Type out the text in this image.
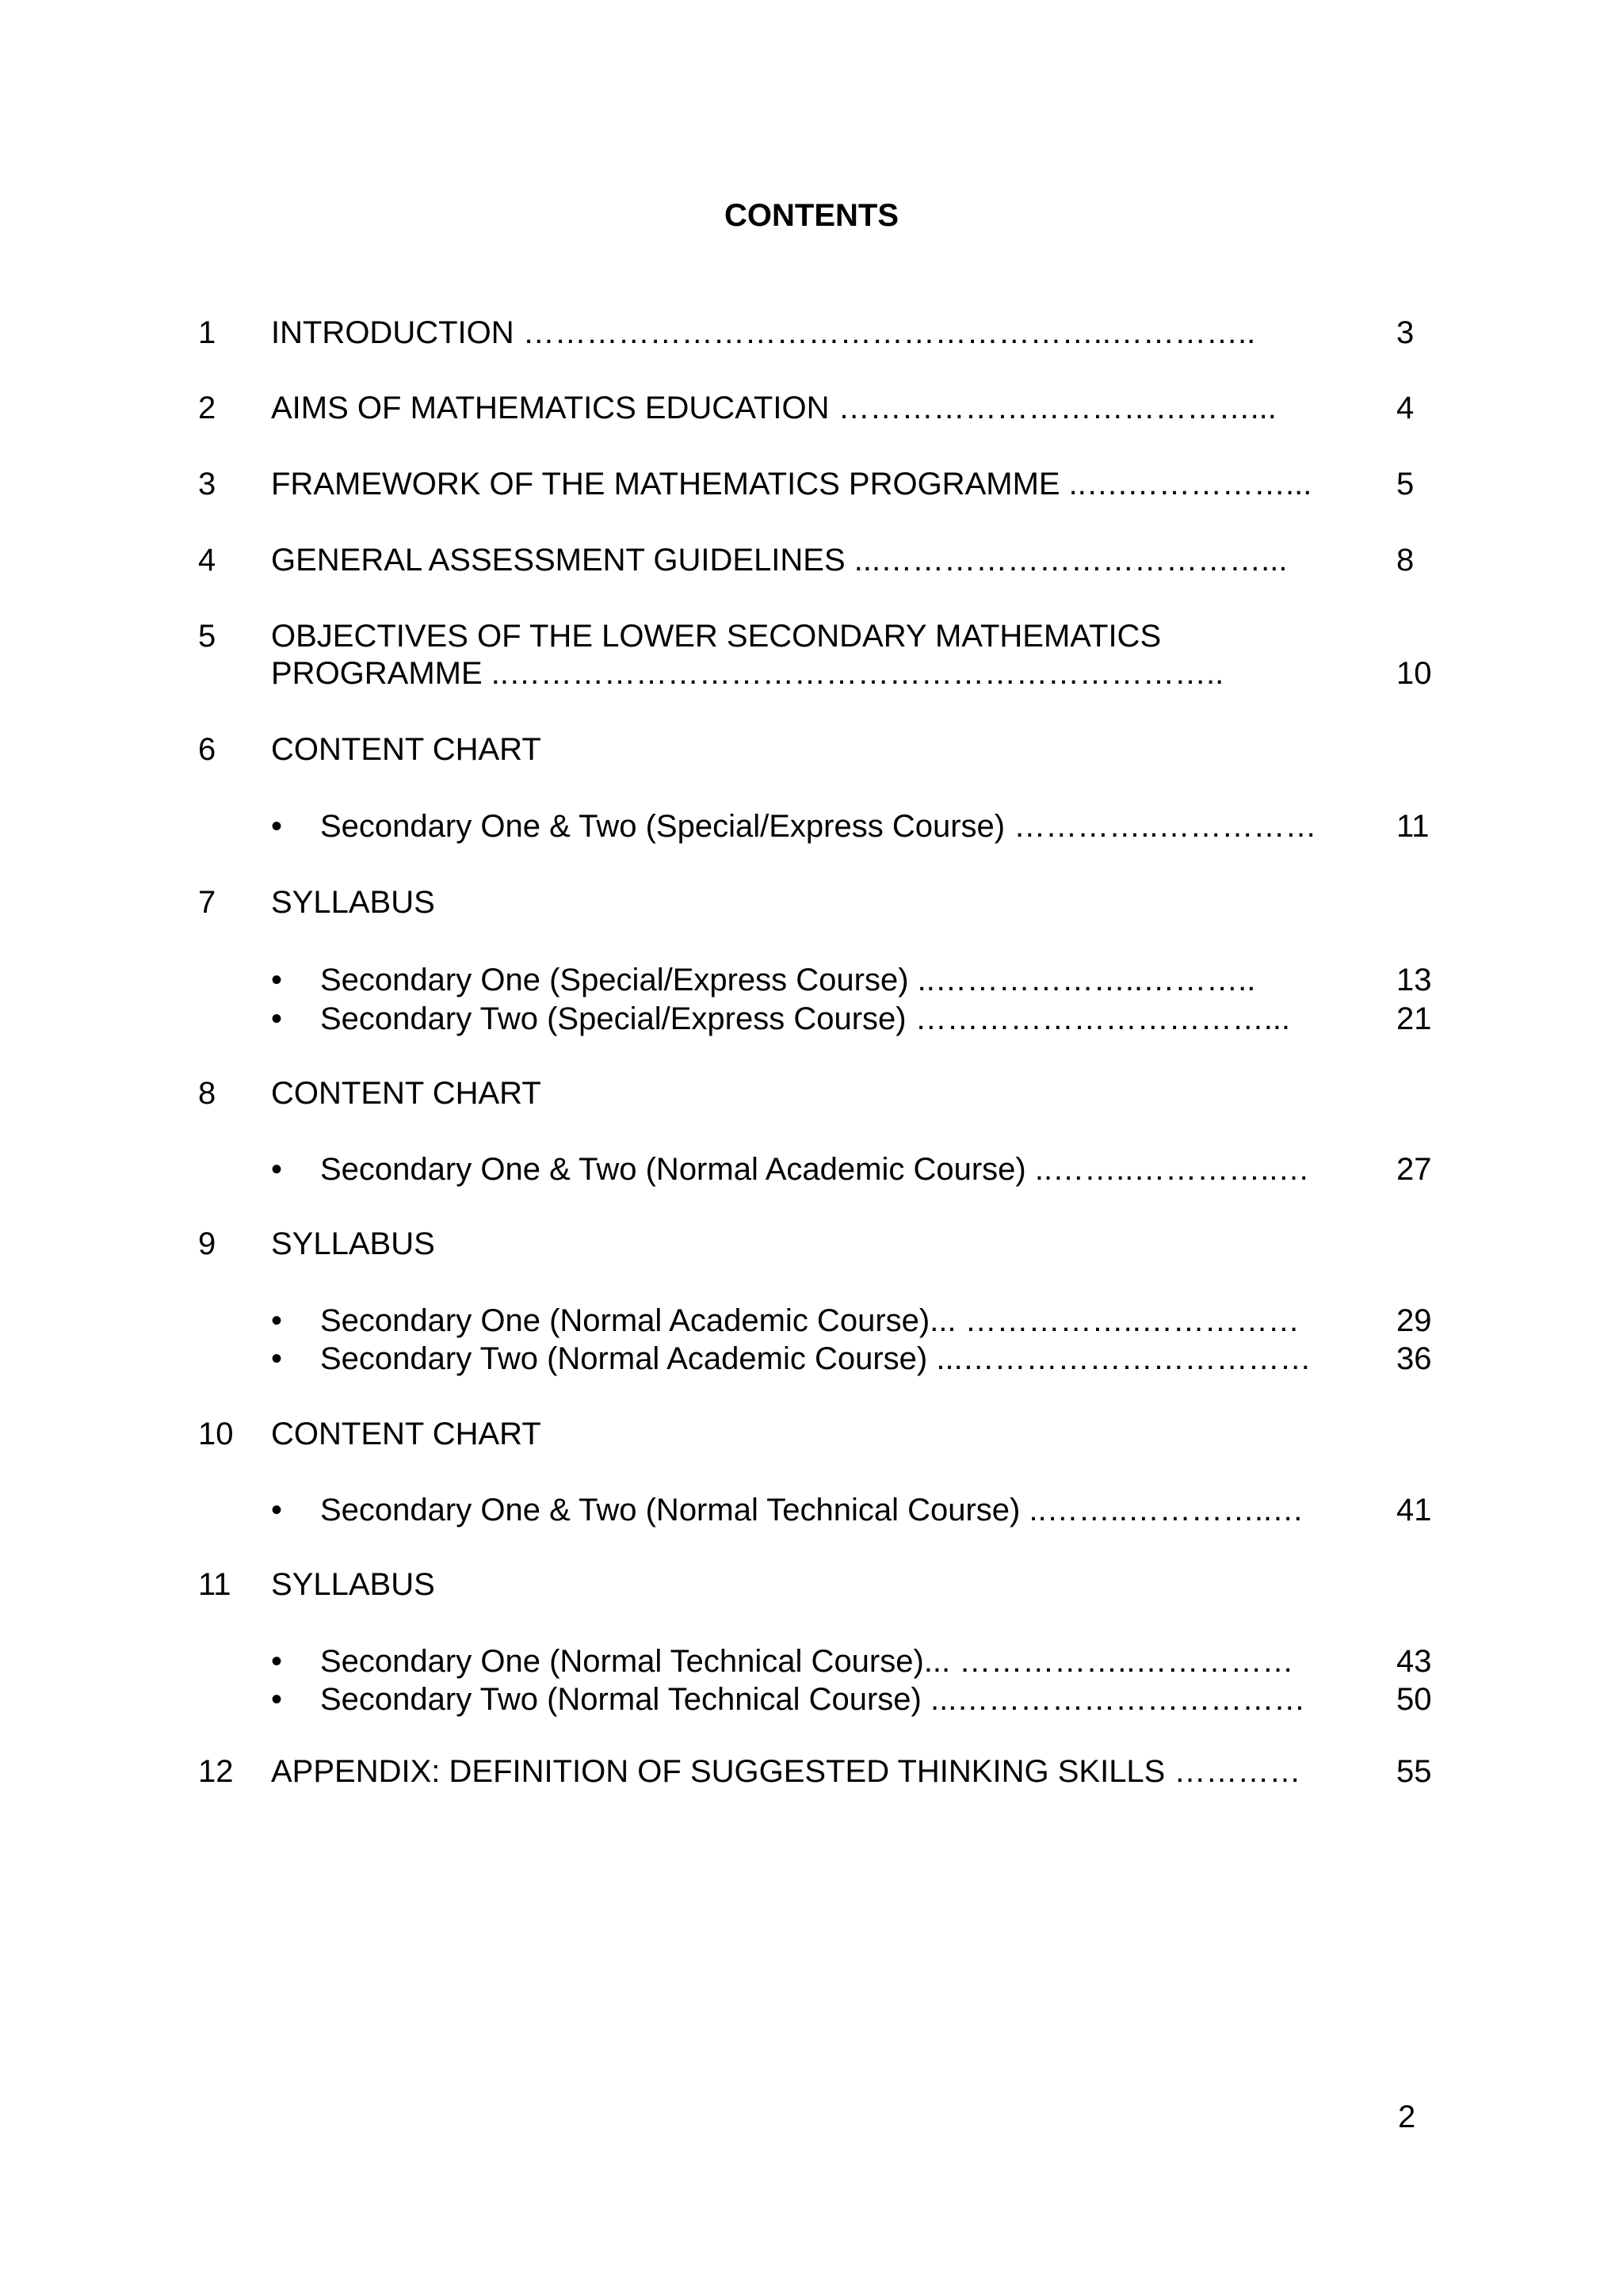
CONTENTS
1 INTRODUCTION ………………………………………………..…………..	3
2 AIMS OF MATHEMATICS EDUCATION …………………………………...	4
3 FRAMEWORK OF THE MATHEMATICS PROGRAMME ..….……………...	5
4 GENERAL ASSESSMENT GUIDELINES ...………………………………...	8
5 OBJECTIVES OF THE LOWER SECONDARY MATHEMATICS
PROGRAMME ..…………………………………………………………..	10
6 CONTENT CHART
• Secondary One & Two (Special/Express Course) …………..……………	11
7 SYLLABUS
• Secondary One (Special/Express Course) ..………………..………..	13
• Secondary Two (Special/Express Course) ……………………………...	21
8 CONTENT CHART
• Secondary One & Two (Normal Academic Course) ..……..…………..…	27
9 SYLLABUS
• Secondary One (Normal Academic Course)... ……………..……………	29
• Secondary Two (Normal Academic Course) ...……………………………	36
10 CONTENT CHART
• Secondary One & Two (Normal Technical Course) ..……..…………..…	41
11 SYLLABUS
• Secondary One (Normal Technical Course)... ……………..……………	43
• Secondary Two (Normal Technical Course) ...……………………………	50
12 APPENDIX: DEFINITION OF SUGGESTED THINKING SKILLS …………	55
2
